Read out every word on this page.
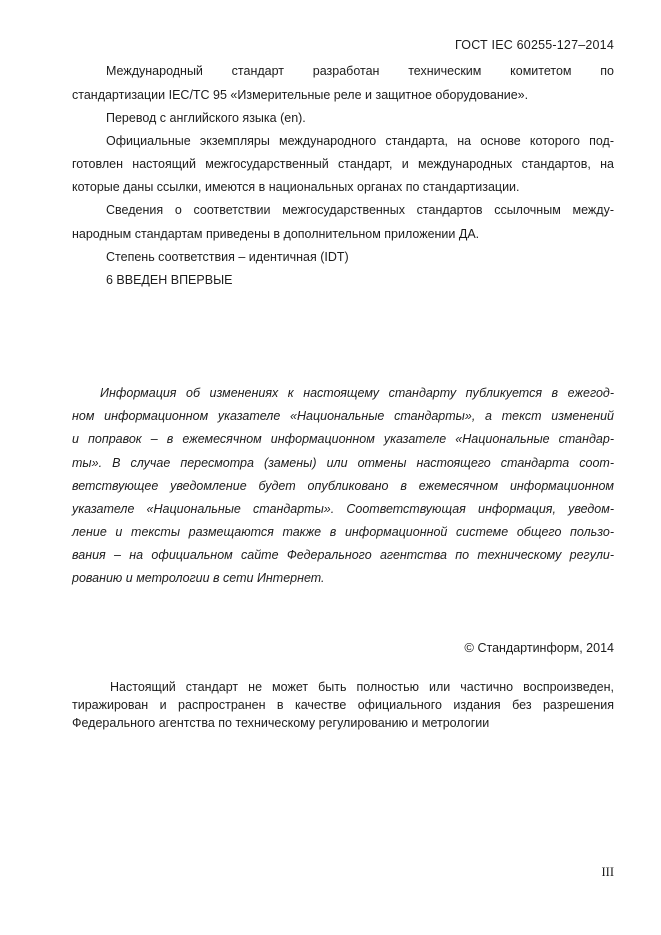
ГОСТ IEC 60255-127–2014
Международный стандарт разработан техническим комитетом по
стандартизации IEC/TC 95 «Измерительные реле и защитное оборудование».
Перевод с английского языка (en).
Официальные экземпляры международного стандарта, на основе которого под-
готовлен настоящий межгосударственный стандарт, и международных стандартов, на
которые даны ссылки, имеются в национальных органах по стандартизации.
Сведения о соответствии межгосударственных стандартов ссылочным между-
народным стандартам приведены в дополнительном приложении ДА.
Степень соответствия – идентичная (IDT)
6 ВВЕДЕН ВПЕРВЫЕ
Информация об изменениях к настоящему стандарту публикуется в ежегод-
ном информационном указателе «Национальные стандарты», а текст изменений
и поправок – в ежемесячном информационном указателе «Национальные стандар-
ты». В случае пересмотра (замены) или отмены настоящего стандарта соот-
ветствующее уведомление будет опубликовано в ежемесячном информационном
указателе «Национальные стандарты». Соответствующая информация, уведом-
ление и тексты размещаются также в информационной системе общего пользо-
вания – на официальном сайте Федерального агентства по техническому регули-
рованию и метрологии в сети Интернет.
© Стандартинформ, 2014
Настоящий стандарт не может быть полностью или частично воспроизведен,
тиражирован и распространен в качестве официального издания без разрешения
Федерального агентства по техническому регулированию и метрологии
III
